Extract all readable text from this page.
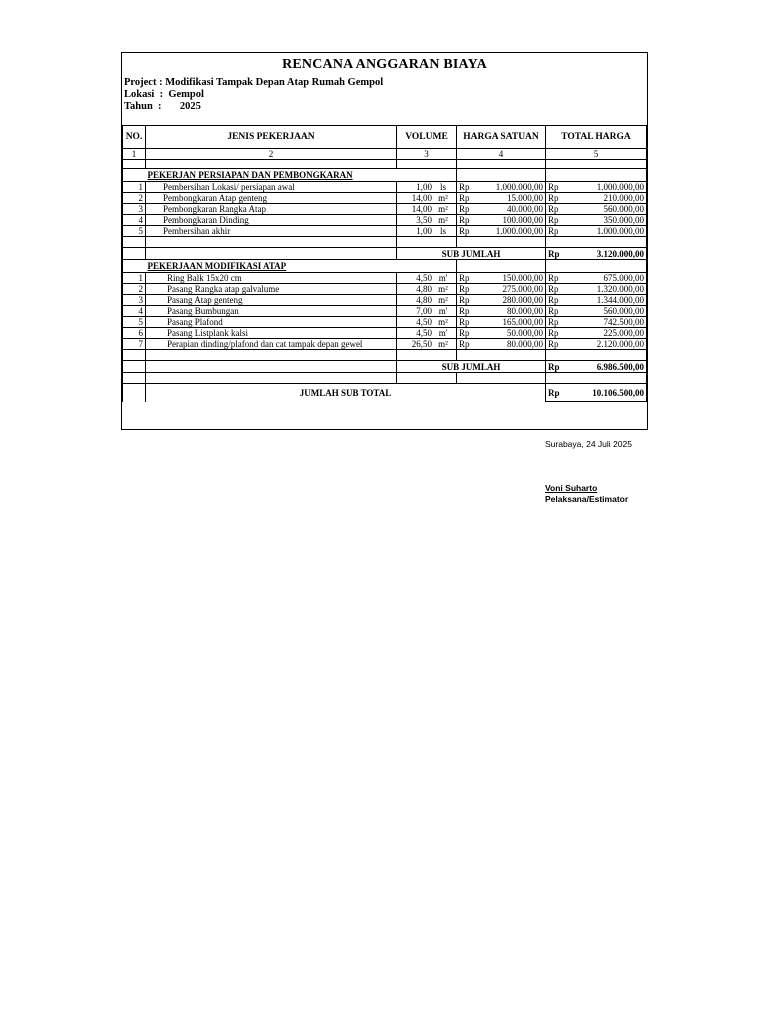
RENCANA ANGGARAN BIAYA
Project : Modifikasi Tampak Depan Atap Rumah Gempol
Lokasi  :  Gempol
Tahun  :       2025
NO.	JENIS PEKERJAAN	VOLUME	HARGA SATUAN	TOTAL HARGA
1	2	3	4	5

	PEKERJAN PERSIAPAN DAN PEMBONGKARAN			
1	Pembersihan Lokasi/ persiapan awal	1,00 ls	Rp 1.000.000,00	Rp 1.000.000,00

2	Pembongkaran Atap genteng	14,00 m²	Rp 15.000,00	Rp 210.000,00

3	Pembongkaran Rangka Atap	14,00 m²	Rp 40.000,00	Rp 560.000,00

4	Pembongkaran Dinding	3,50 m²	Rp 100.000,00	Rp 350.000,00

5	Pembersihan akhir	1,00 ls	Rp 1.000.000,00	Rp 1.000.000,00

		SUB JUMLAH		Rp 3.120.000,00

	PEKERJAAN MODIFIKASI ATAP			
1	Ring Balk 15x20 cm	4,50 m'	Rp 150.000,00	Rp 675.000,00

2	Pasang Rangka atap galvalume	4,80 m²	Rp 275.000,00	Rp 1.320.000,00

3	Pasang Atap genteng	4,80 m²	Rp 280.000,00	Rp 1.344.000,00

4	Pasang Bumbungan	7,00 m'	Rp 80.000,00	Rp 560.000,00

5	Pasang Plafond	4,50 m²	Rp 165.000,00	Rp 742.500,00

6	Pasang Listplank kalsi	4,50 m'	Rp 50.000,00	Rp 225.000,00

7	Perapian dinding/plafond dan cat tampak depan gewel	26,50 m²	Rp 80.000,00	Rp 2.120.000,00

		SUB JUMLAH		Rp 6.986.500,00

	JUMLAH SUB TOTAL			Rp 10.106.500,00
Surabaya, 24 Juli 2025
Voni Suharto
Pelaksana/Estimator
